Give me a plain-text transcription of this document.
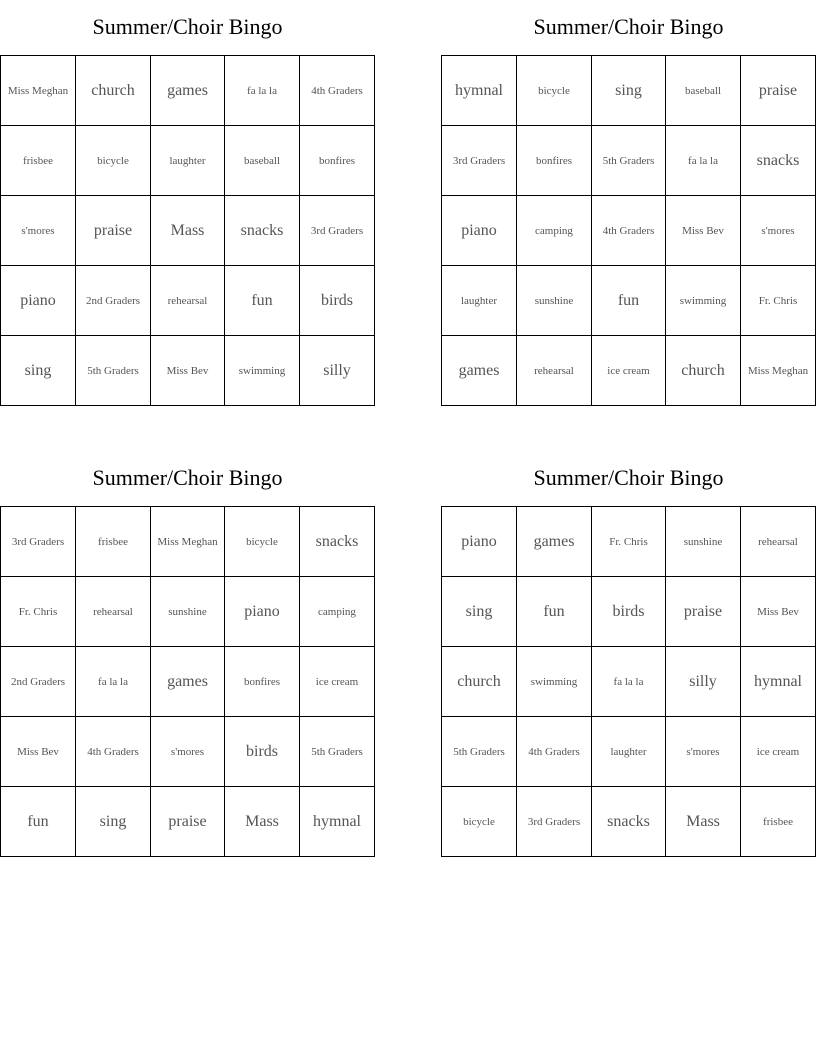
Summer/Choir Bingo
Miss Meghan	church	games	fa la la	4th Graders
frisbee	bicycle	laughter	baseball	bonfires
s'mores	praise	Mass	snacks	3rd Graders
piano	2nd Graders	rehearsal	fun	birds
sing	5th Graders	Miss Bev	swimming	silly
Summer/Choir Bingo
hymnal	bicycle	sing	baseball	praise
3rd Graders	bonfires	5th Graders	fa la la	snacks
piano	camping	4th Graders	Miss Bev	s'mores
laughter	sunshine	fun	swimming	Fr. Chris
games	rehearsal	ice cream	church	Miss Meghan
Summer/Choir Bingo
3rd Graders	frisbee	Miss Meghan	bicycle	snacks
Fr. Chris	rehearsal	sunshine	piano	camping
2nd Graders	fa la la	games	bonfires	ice cream
Miss Bev	4th Graders	s'mores	birds	5th Graders
fun	sing	praise	Mass	hymnal
Summer/Choir Bingo
piano	games	Fr. Chris	sunshine	rehearsal
sing	fun	birds	praise	Miss Bev
church	swimming	fa la la	silly	hymnal
5th Graders	4th Graders	laughter	s'mores	ice cream
bicycle	3rd Graders	snacks	Mass	frisbee
